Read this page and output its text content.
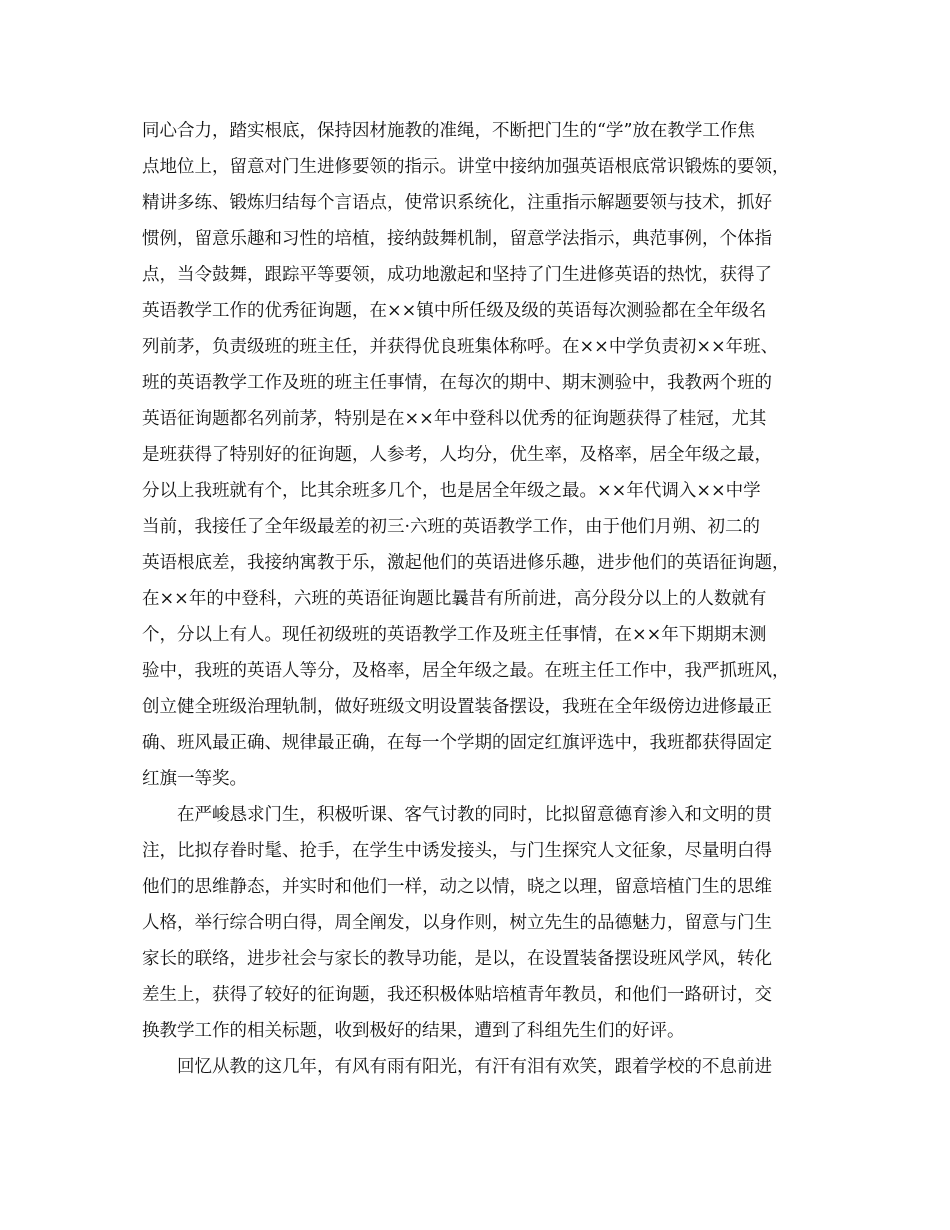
同心合力，踏实根底，保持因材施教的准绳，不断把门生的“学”放在教学工作焦
点地位上，留意对门生进修要领的指示。讲堂中接纳加强英语根底常识锻炼的要领，
精讲多练、锻炼归结每个言语点，使常识系统化，注重指示解题要领与技术，抓好
惯例，留意乐趣和习性的培植，接纳鼓舞机制，留意学法指示，典范事例，个体指
点，当令鼓舞，跟踪平等要领，成功地激起和坚持了门生进修英语的热忱，获得了
英语教学工作的优秀征询题，在××镇中所任级及级的英语每次测验都在全年级名
列前茅，负责级班的班主任，并获得优良班集体称呼。在××中学负责初××年班、
班的英语教学工作及班的班主任事情，在每次的期中、期末测验中，我教两个班的
英语征询题都名列前茅，特别是在××年中登科以优秀的征询题获得了桂冠，尤其
是班获得了特别好的征询题，人参考，人均分，优生率，及格率，居全年级之最，
分以上我班就有个，比其余班多几个，也是居全年级之最。××年代调入××中学
当前，我接任了全年级最差的初三·六班的英语教学工作，由于他们月朔、初二的
英语根底差，我接纳寓教于乐，激起他们的英语进修乐趣，进步他们的英语征询题，
在××年的中登科，六班的英语征询题比曩昔有所前进，高分段分以上的人数就有
个，分以上有人。现任初级班的英语教学工作及班主任事情，在××年下期期末测
验中，我班的英语人等分，及格率，居全年级之最。在班主任工作中，我严抓班风，
创立健全班级治理轨制，做好班级文明设置装备摆设，我班在全年级傍边进修最正
确、班风最正确、规律最正确，在每一个学期的固定红旗评选中，我班都获得固定
红旗一等奖。
在严峻恳求门生，积极听课、客气讨教的同时，比拟留意德育渗入和文明的贯
注，比拟存眷时髦、抢手，在学生中诱发接头，与门生探究人文征象，尽量明白得
他们的思维静态，并实时和他们一样，动之以情，晓之以理，留意培植门生的思维
人格，举行综合明白得，周全阐发，以身作则，树立先生的品德魅力，留意与门生
家长的联络，进步社会与家长的教导功能，是以，在设置装备摆设班风学风，转化
差生上，获得了较好的征询题，我还积极体贴培植青年教员，和他们一路研讨，交
换教学工作的相关标题，收到极好的结果，遭到了科组先生们的好评。
回忆从教的这几年，有风有雨有阳光，有汗有泪有欢笑，跟着学校的不息前进
